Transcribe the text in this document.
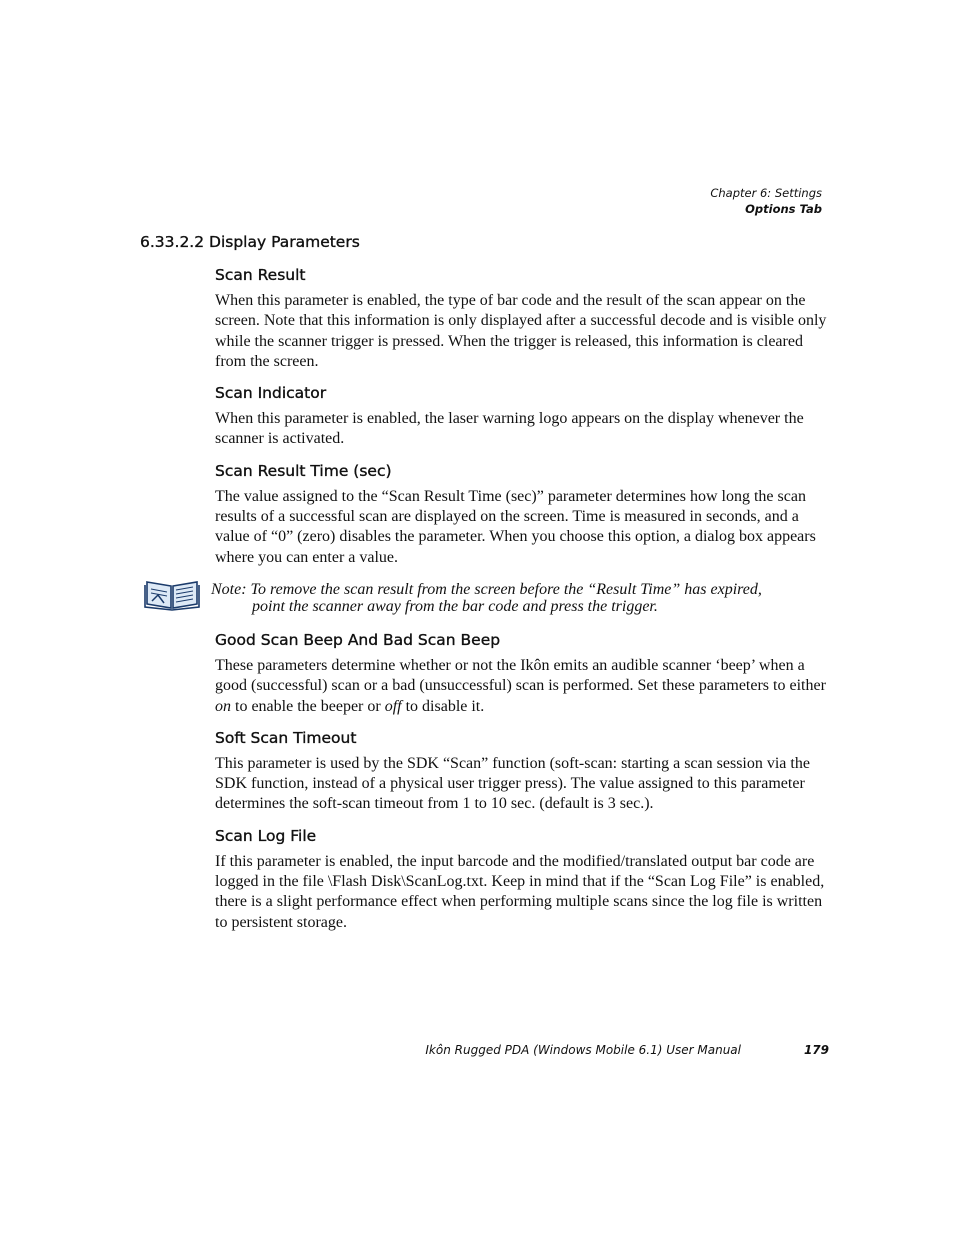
Chapter 6: Settings
Options Tab
6.33.2.2 Display Parameters
Scan Result

When this parameter is enabled, the type of bar code and the result of the scan appear on the screen. Note that this information is only displayed after a successful decode and is visible only while the scanner trigger is pressed. When the trigger is released, this information is cleared from the screen.

Scan Indicator

When this parameter is enabled, the laser warning logo appears on the display whenever the scanner is activated.

Scan Result Time (sec)

The value assigned to the “Scan Result Time (sec)” parameter determines how long the scan results of a successful scan are displayed on the screen. Time is measured in seconds, and a value of “0” (zero) disables the parameter. When you choose this option, a dialog box appears where you can enter a value.

Note: To remove the scan result from the screen before the “Result Time” has expired,
point the scanner away from the bar code and press the trigger.
Good Scan Beep And Bad Scan Beep

These parameters determine whether or not the Ikôn emits an audible scanner ‘beep’ when a good (successful) scan or a bad (unsuccessful) scan is performed. Set these parameters to either on to enable the beeper or off to disable it.

Soft Scan Timeout

This parameter is used by the SDK “Scan” function (soft-scan: starting a scan session via the SDK function, instead of a physical user trigger press). The value assigned to this parameter determines the soft-scan timeout from 1 to 10 sec. (default is 3 sec.).

Scan Log File

If this parameter is enabled, the input barcode and the modified/translated output bar code are logged in the file \Flash Disk\ScanLog.txt. Keep in mind that if the “Scan Log File” is enabled, there is a slight performance effect when performing multiple scans since the log file is written to persistent storage.

Ikôn Rugged PDA (Windows Mobile 6.1) User Manual	179
